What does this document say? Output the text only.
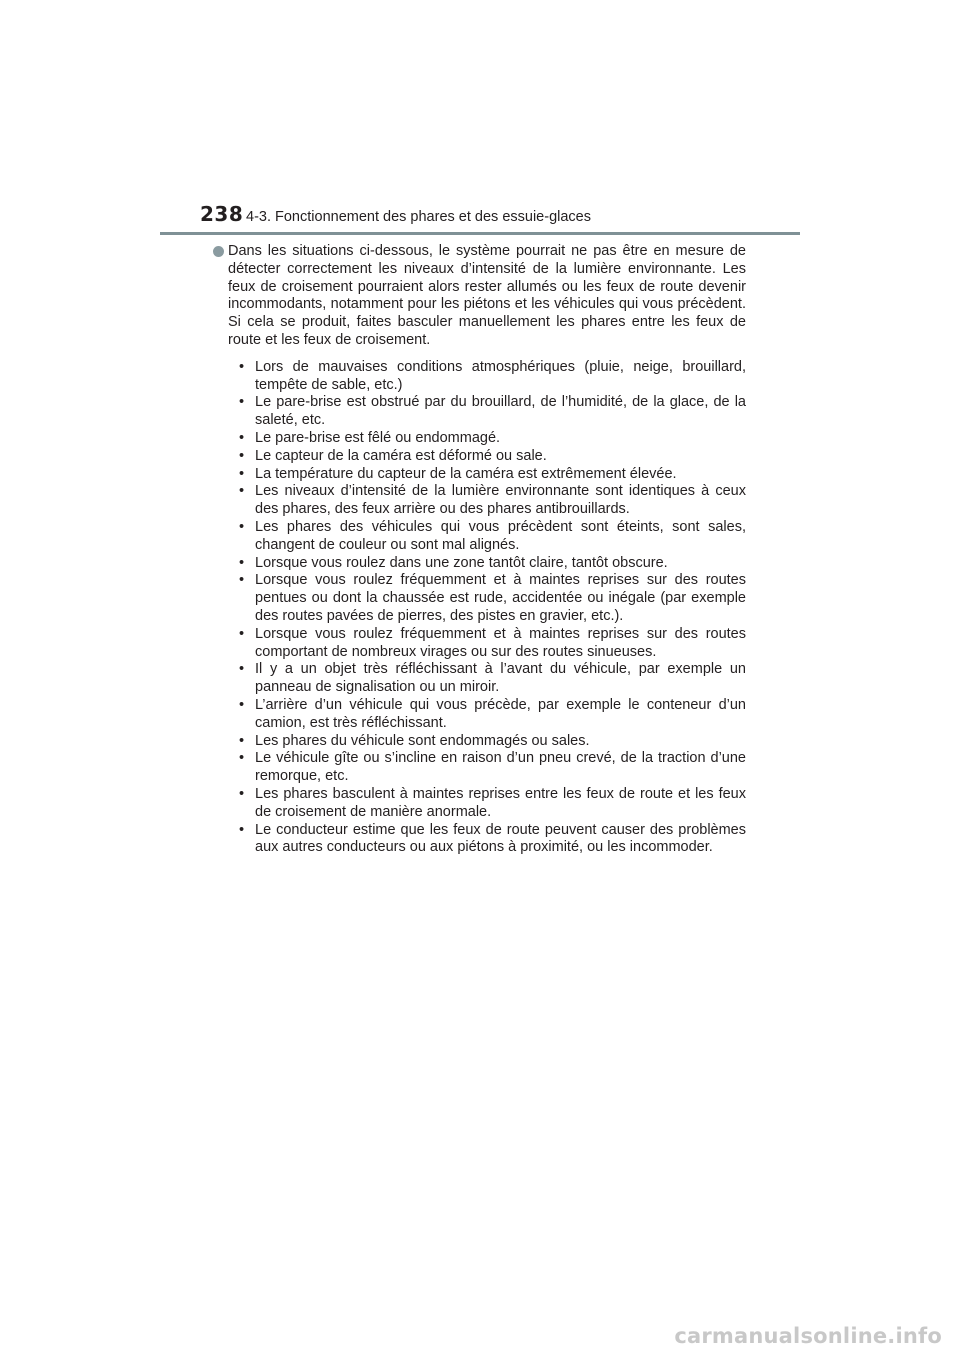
238 4-3. Fonctionnement des phares et des essuie-glaces

Dans les situations ci-dessous, le système pourrait ne pas être en mesure de détecter correctement les niveaux d’intensité de la lumière environnante. Les feux de croisement pourraient alors rester allumés ou les feux de route devenir incommodants, notamment pour les piétons et les véhicules qui vous précèdent. Si cela se produit, faites basculer manuellement les phares entre les feux de route et les feux de croisement.

• Lors de mauvaises conditions atmosphériques (pluie, neige, brouillard, tempête de sable, etc.)
• Le pare-brise est obstrué par du brouillard, de l’humidité, de la glace, de la saleté, etc.
• Le pare-brise est fêlé ou endommagé.
• Le capteur de la caméra est déformé ou sale.
• La température du capteur de la caméra est extrêmement élevée.
• Les niveaux d’intensité de la lumière environnante sont identiques à ceux des phares, des feux arrière ou des phares antibrouillards.
• Les phares des véhicules qui vous précèdent sont éteints, sont sales, changent de couleur ou sont mal alignés.
• Lorsque vous roulez dans une zone tantôt claire, tantôt obscure.
• Lorsque vous roulez fréquemment et à maintes reprises sur des routes pentues ou dont la chaussée est rude, accidentée ou inégale (par exemple des routes pavées de pierres, des pistes en gravier, etc.).
• Lorsque vous roulez fréquemment et à maintes reprises sur des routes comportant de nombreux virages ou sur des routes sinueuses.
• Il y a un objet très réfléchissant à l’avant du véhicule, par exemple un panneau de signalisation ou un miroir.
• L’arrière d’un véhicule qui vous précède, par exemple le conteneur d’un camion, est très réfléchissant.
• Les phares du véhicule sont endommagés ou sales.
• Le véhicule gîte ou s’incline en raison d’un pneu crevé, de la traction d’une remorque, etc.
• Les phares basculent à maintes reprises entre les feux de route et les feux de croisement de manière anormale.
• Le conducteur estime que les feux de route peuvent causer des problèmes aux autres conducteurs ou aux piétons à proximité, ou les incommoder.
carmanualsonline.info
